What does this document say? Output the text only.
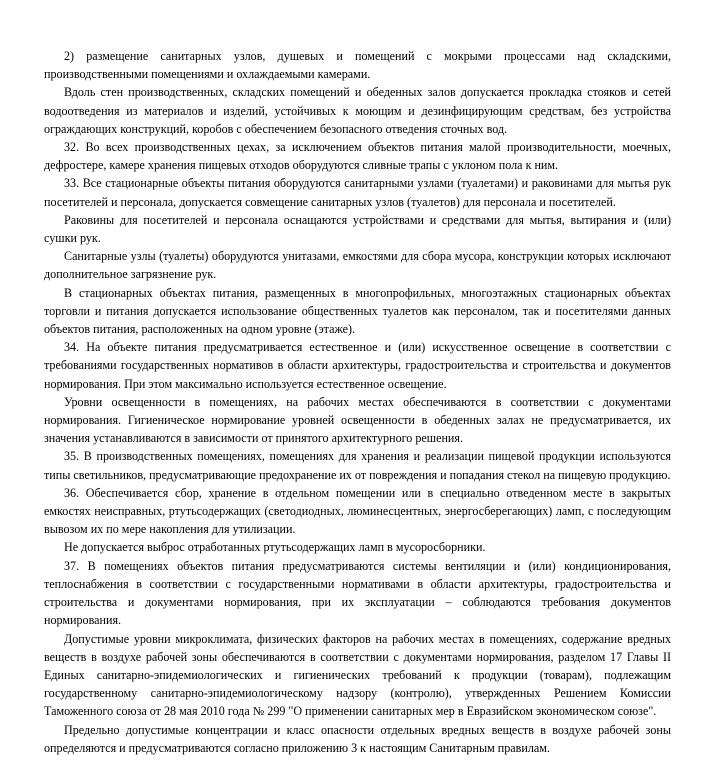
2) размещение санитарных узлов, душевых и помещений с мокрыми процессами над складскими, производственными помещениями и охлаждаемыми камерами.

Вдоль стен производственных, складских помещений и обеденных залов допускается прокладка стояков и сетей водоотведения из материалов и изделий, устойчивых к моющим и дезинфицирующим средствам, без устройства ограждающих конструкций, коробов с обеспечением безопасного отведения сточных вод.

32. Во всех производственных цехах, за исключением объектов питания малой производительности, моечных, дефростере, камере хранения пищевых отходов оборудуются сливные трапы с уклоном пола к ним.

33. Все стационарные объекты питания оборудуются санитарными узлами (туалетами) и раковинами для мытья рук посетителей и персонала, допускается совмещение санитарных узлов (туалетов) для персонала и посетителей.

Раковины для посетителей и персонала оснащаются устройствами и средствами для мытья, вытирания и (или) сушки рук.

Санитарные узлы (туалеты) оборудуются унитазами, емкостями для сбора мусора, конструкции которых исключают дополнительное загрязнение рук.

В стационарных объектах питания, размещенных в многопрофильных, многоэтажных стационарных объектах торговли и питания допускается использование общественных туалетов как персоналом, так и посетителями данных объектов питания, расположенных на одном уровне (этаже).

34. На объекте питания предусматривается естественное и (или) искусственное освещение в соответствии с требованиями государственных нормативов в области архитектуры, градостроительства и строительства и документов нормирования. При этом максимально используется естественное освещение.

Уровни освещенности в помещениях, на рабочих местах обеспечиваются в соответствии с документами нормирования. Гигиеническое нормирование уровней освещенности в обеденных залах не предусматривается, их значения устанавливаются в зависимости от принятого архитектурного решения.

35. В производственных помещениях, помещениях для хранения и реализации пищевой продукции используются типы светильников, предусматривающие предохранение их от повреждения и попадания стекол на пищевую продукцию.

36. Обеспечивается сбор, хранение в отдельном помещении или в специально отведенном месте в закрытых емкостях неисправных, ртутьсодержащих (светодиодных, люминесцентных, энергосберегающих) ламп, с последующим вывозом их по мере накопления для утилизации.

Не допускается выброс отработанных ртутьсодержащих ламп в мусоросборники.

37. В помещениях объектов питания предусматриваются системы вентиляции и (или) кондиционирования, теплоснабжения в соответствии с государственными нормативами в области архитектуры, градостроительства и строительства и документами нормирования, при их эксплуатации – соблюдаются требования документов нормирования.

Допустимые уровни микроклимата, физических факторов на рабочих местах в помещениях, содержание вредных веществ в воздухе рабочей зоны обеспечиваются в соответствии с документами нормирования, разделом 17 Главы II Единых санитарно-эпидемиологических и гигиенических требований к продукции (товарам), подлежащим государственному санитарно-эпидемиологическому надзору (контролю), утвержденных Решением Комиссии Таможенного союза от 28 мая 2010 года № 299 "О применении санитарных мер в Евразийском экономическом союзе".

Предельно допустимые концентрации и класс опасности отдельных вредных веществ в воздухе рабочей зоны определяются и предусматриваются согласно приложению 3 к настоящим Санитарным правилам.
